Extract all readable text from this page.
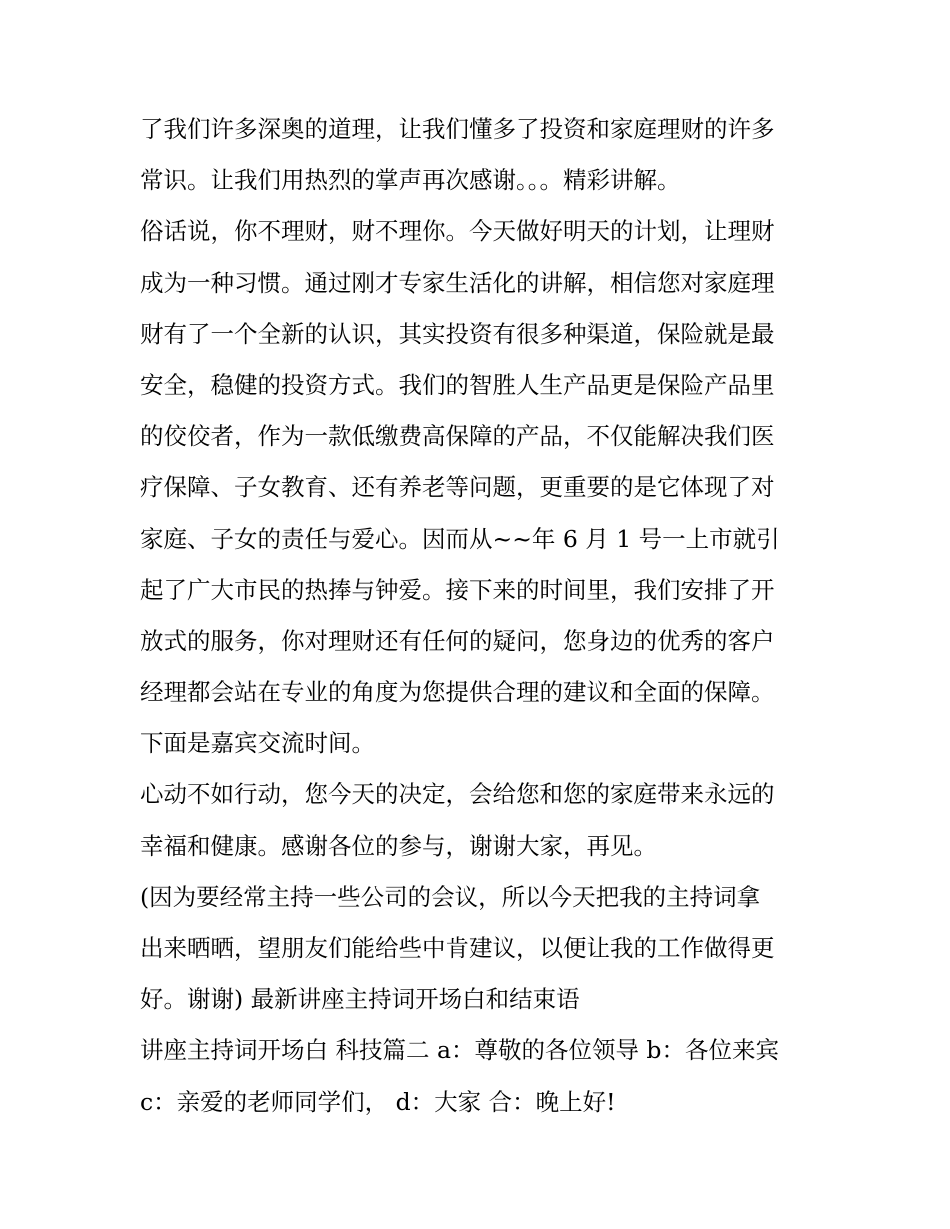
了我们许多深奥的道理，让我们懂多了投资和家庭理财的许多
常识。让我们用热烈的掌声再次感谢。。。精彩讲解。
俗话说，你不理财，财不理你。今天做好明天的计划，让理财
成为一种习惯。通过刚才专家生活化的讲解，相信您对家庭理
财有了一个全新的认识，其实投资有很多种渠道，保险就是最
安全，稳健的投资方式。我们的智胜人生产品更是保险产品里
的佼佼者，作为一款低缴费高保障的产品，不仅能解决我们医
疗保障、子女教育、还有养老等问题，更重要的是它体现了对
家庭、子女的责任与爱心。因而从~~年 6 月 1 号一上市就引
起了广大市民的热捧与钟爱。接下来的时间里，我们安排了开
放式的服务，你对理财还有任何的疑问，您身边的优秀的客户
经理都会站在专业的角度为您提供合理的建议和全面的保障。
下面是嘉宾交流时间。
心动不如行动，您今天的决定，会给您和您的家庭带来永远的
幸福和健康。感谢各位的参与，谢谢大家，再见。
(因为要经常主持一些公司的会议，所以今天把我的主持词拿
出来晒晒，望朋友们能给些中肯建议，以便让我的工作做得更
好。谢谢) 最新讲座主持词开场白和结束语
讲座主持词开场白 科技篇二 a：尊敬的各位领导 b：各位来宾
c：亲爱的老师同学们， d：大家 合：晚上好!
